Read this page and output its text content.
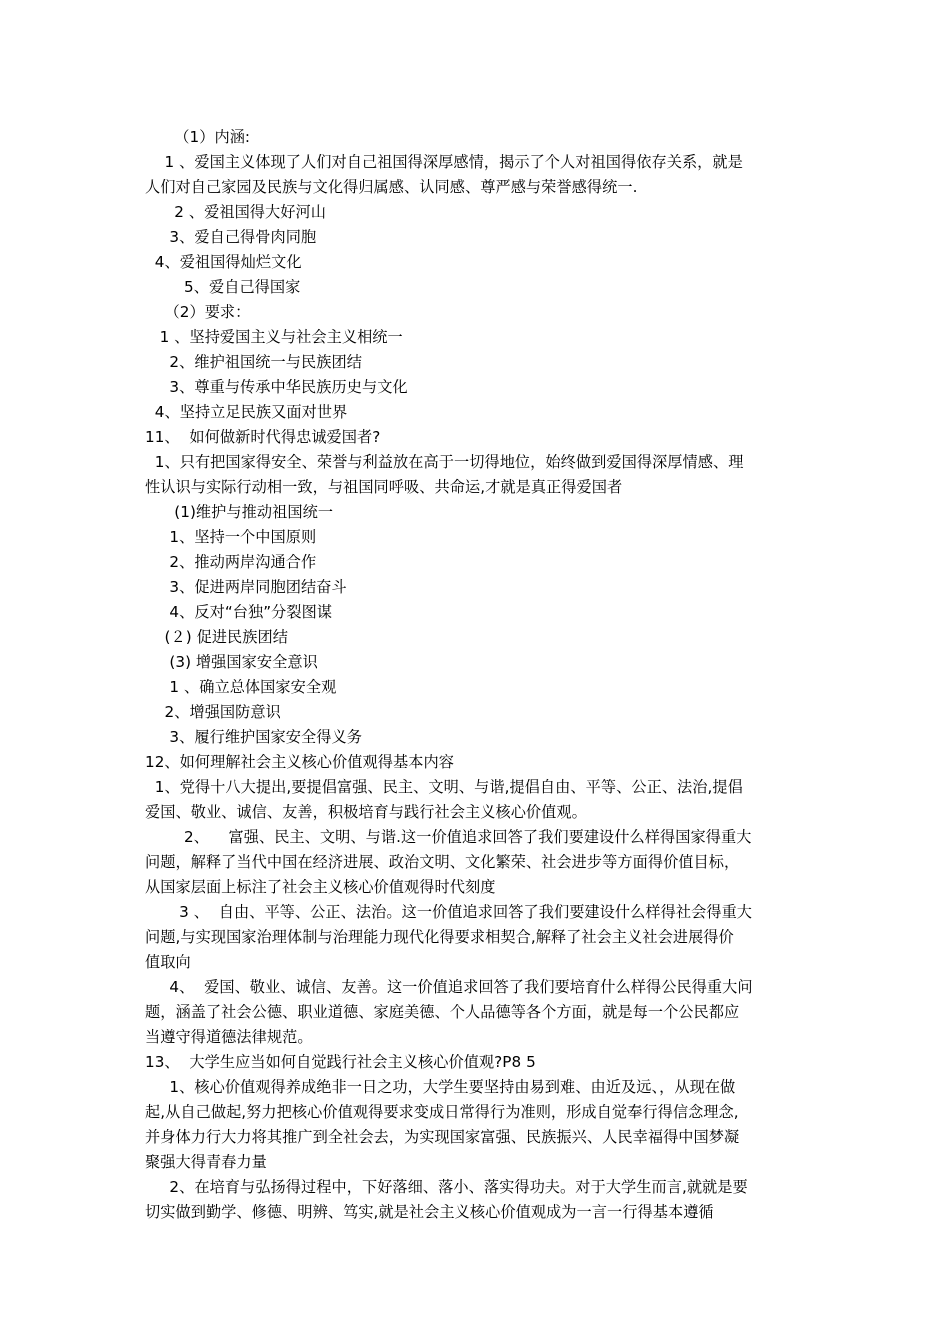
（1）内涵:
1 、爱国主义体现了人们对自己祖国得深厚感情，揭示了个人对祖国得依存关系，就是
人们对自己家园及民族与文化得归属感、认同感、尊严感与荣誉感得统一.
2 、爱祖国得大好河山
3、爱自己得骨肉同胞
4、爱祖国得灿烂文化
5、爱自己得国家
（2）要求：
1 、坚持爱国主义与社会主义相统一
2、维护祖国统一与民族团结
3、尊重与传承中华民族历史与文化
4、坚持立足民族又面对世界
11、  如何做新时代得忠诚爱国者?
1、只有把国家得安全、荣誉与利益放在高于一切得地位，始终做到爱国得深厚情感、理
性认识与实际行动相一致，与祖国同呼吸、共命运,才就是真正得爱国者
(1)维护与推动祖国统一
1、坚持一个中国原则
2、推动两岸沟通合作
3、促进两岸同胞团结奋斗
4、反对“台独”分裂图谋
(２) 促进民族团结
(3) 增强国家安全意识
1 、确立总体国家安全观
2、增强国防意识
3、履行维护国家安全得义务
12、如何理解社会主义核心价值观得基本内容
1、党得十八大提出,要提倡富强、民主、文明、与谐,提倡自由、平等、公正、法治,提倡
爱国、敬业、诚信、友善，积极培育与践行社会主义核心价值观。
2、    富强、民主、文明、与谐.这一价值追求回答了我们要建设什么样得国家得重大
问题，解释了当代中国在经济进展、政治文明、文化繁荣、社会进步等方面得价值目标，
从国家层面上标注了社会主义核心价值观得时代刻度
3 、  自由、平等、公正、法治。这一价值追求回答了我们要建设什么样得社会得重大
问题,与实现国家治理体制与治理能力现代化得要求相契合,解释了社会主义社会进展得价
值取向
4、  爱国、敬业、诚信、友善。这一价值追求回答了我们要培育什么样得公民得重大问
题，涵盖了社会公德、职业道德、家庭美德、个人品德等各个方面，就是每一个公民都应
当遵守得道德法律规范。
13、  大学生应当如何自觉践行社会主义核心价值观?P8 5
1、核心价值观得养成绝非一日之功，大学生要坚持由易到难、由近及远、，从现在做
起,从自己做起,努力把核心价值观得要求变成日常得行为准则，形成自觉奉行得信念理念,
并身体力行大力将其推广到全社会去，为实现国家富强、民族振兴、人民幸福得中国梦凝
聚强大得青春力量
2、在培育与弘扬得过程中，下好落细、落小、落实得功夫。对于大学生而言,就就是要
切实做到勤学、修德、明辨、笃实,就是社会主义核心价值观成为一言一行得基本遵循
